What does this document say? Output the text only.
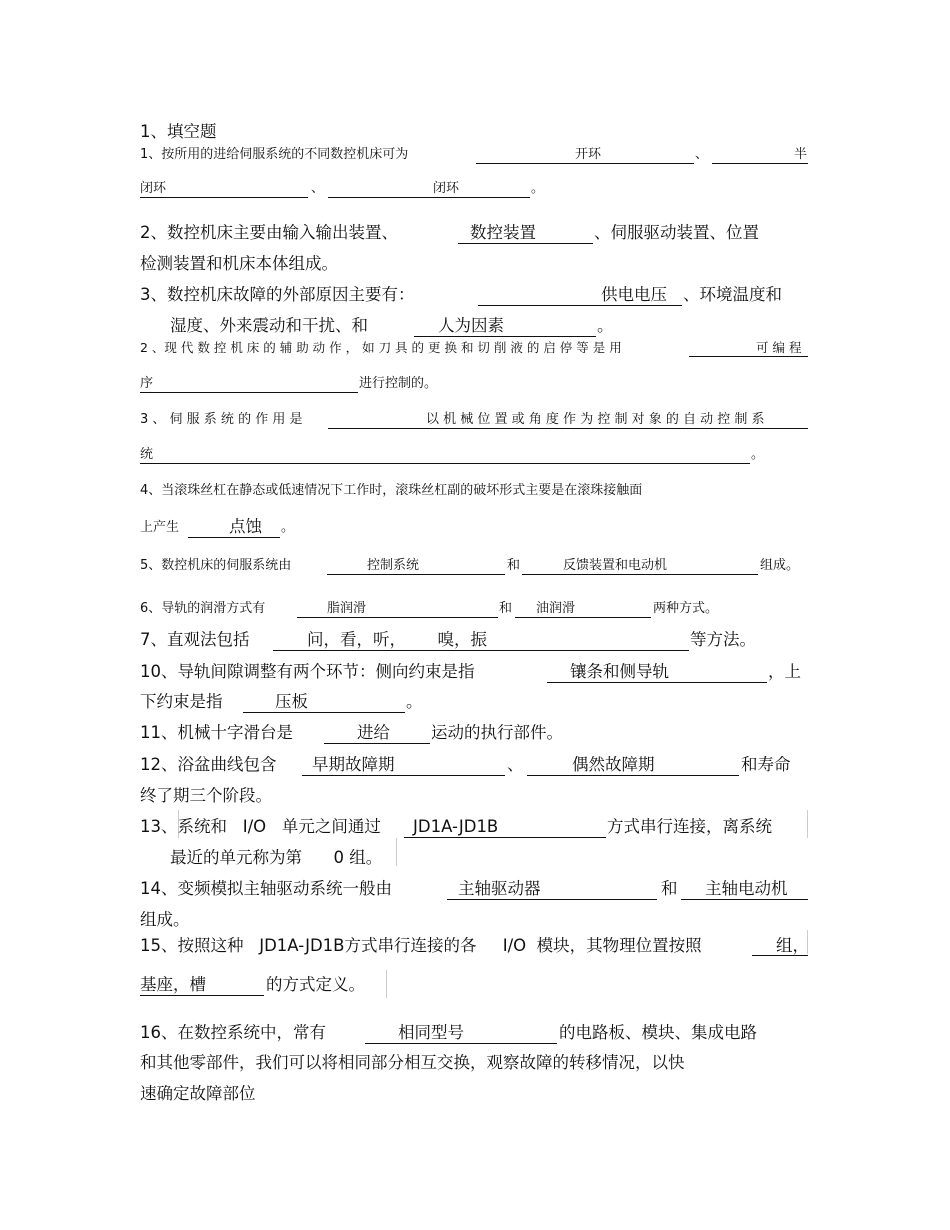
1、填空题
1、按所用的进给伺服系统的不同数控机床可为	开环	、	半
闭环	、	闭环	。
2、数控机床主要由输入输出装置、	数控装置	、伺服驱动装置、位置
检测装置和机床本体组成。
3、数控机床故障的外部原因主要有：	供电电压 、环境温度和
湿度、外来震动和干扰、和	人为因素	。
2 、现 代 数 控 机 床 的 辅 助 动 作 ， 如 刀 具 的 更 换 和 切 削 液 的 启 停 等 是 用	可 编 程
序	进行控制的。
3 、 伺 服 系 统 的 作 用 是	以 机 械 位 置 或 角 度 作 为 控 制 对 象 的 自 动 控 制 系
统	。
4、当滚珠丝杠在静态或低速情况下工作时，滚珠丝杠副的破坏形式主要是在滚珠接触面
上产生	点蚀 。
5、数控机床的伺服系统由	控制系统	和	反馈装置和电动机	组成。
6、导轨的润滑方式有	脂润滑	和 油润滑	两种方式。
7、直观法包括	问，看，听，      嗅，振	等方法。
10、导轨间隙调整有两个环节：侧向约束是指	镶条和侧导轨	，上
下约束是指	压板	。
11、机械十字滑台是	进给 运动的执行部件。
12、浴盆曲线包含 早期故障期	、	偶然故障期	和寿命
终了期三个阶段。
13、系统和   I/O   单元之间通过 JD1A-JD1B	方式串行连接，离系统
最近的单元称为第      0 组。
14、变频模拟主轴驱动系统一般由	主轴驱动器	和 主轴电动机
组成。
15、按照这种   JD1A-JD1B方式串行连接的各     I/O  模块，其物理位置按照	组，
基座，槽	的方式定义。
16、在数控系统中，常有	相同型号	的电路板、模块、集成电路
和其他零部件，我们可以将相同部分相互交换，观察故障的转移情况，以快
速确定故障部位
